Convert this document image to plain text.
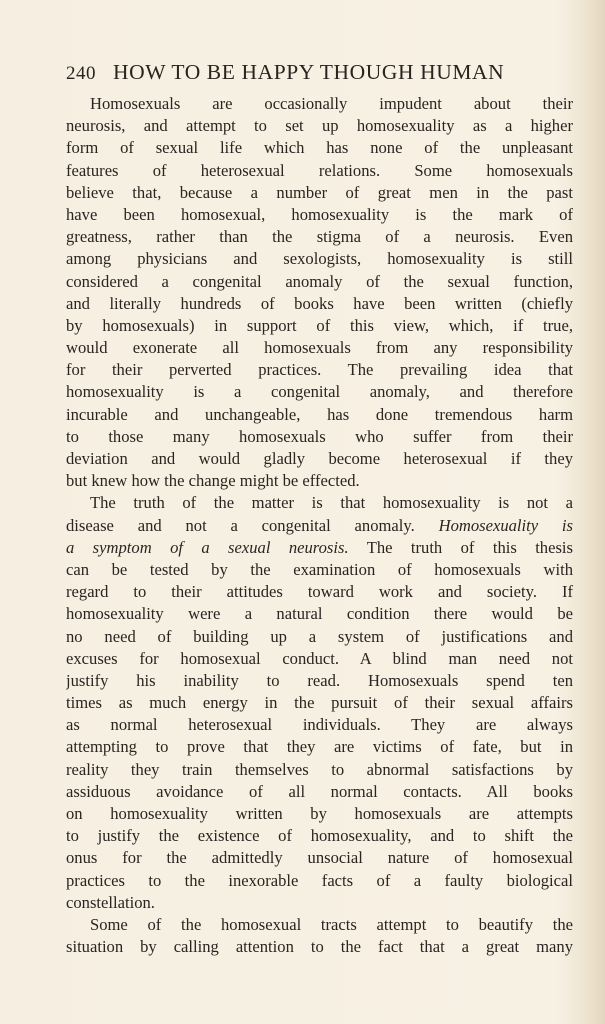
240 HOW TO BE HAPPY THOUGH HUMAN
Homosexuals are occasionally impudent about their
neurosis, and attempt to set up homosexuality as a higher
form of sexual life which has none of the unpleasant
features of heterosexual relations. Some homosexuals
believe that, because a number of great men in the past
have been homosexual, homosexuality is the mark of
greatness, rather than the stigma of a neurosis. Even
among physicians and sexologists, homosexuality is still
considered a congenital anomaly of the sexual function,
and literally hundreds of books have been written (chiefly
by homosexuals) in support of this view, which, if true,
would exonerate all homosexuals from any responsibility
for their perverted practices. The prevailing idea that
homosexuality is a congenital anomaly, and therefore
incurable and unchangeable, has done tremendous harm
to those many homosexuals who suffer from their
deviation and would gladly become heterosexual if they
but knew how the change might be effected.
The truth of the matter is that homosexuality is not a
disease and not a congenital anomaly. Homosexuality is
a symptom of a sexual neurosis. The truth of this thesis
can be tested by the examination of homosexuals with
regard to their attitudes toward work and society. If
homosexuality were a natural condition there would be
no need of building up a system of justifications and
excuses for homosexual conduct. A blind man need not
justify his inability to read. Homosexuals spend ten
times as much energy in the pursuit of their sexual affairs
as normal heterosexual individuals. They are always
attempting to prove that they are victims of fate, but in
reality they train themselves to abnormal satisfactions by
assiduous avoidance of all normal contacts. All books
on homosexuality written by homosexuals are attempts
to justify the existence of homosexuality, and to shift the
onus for the admittedly unsocial nature of homosexual
practices to the inexorable facts of a faulty biological
constellation.
Some of the homosexual tracts attempt to beautify the
situation by calling attention to the fact that a great many
